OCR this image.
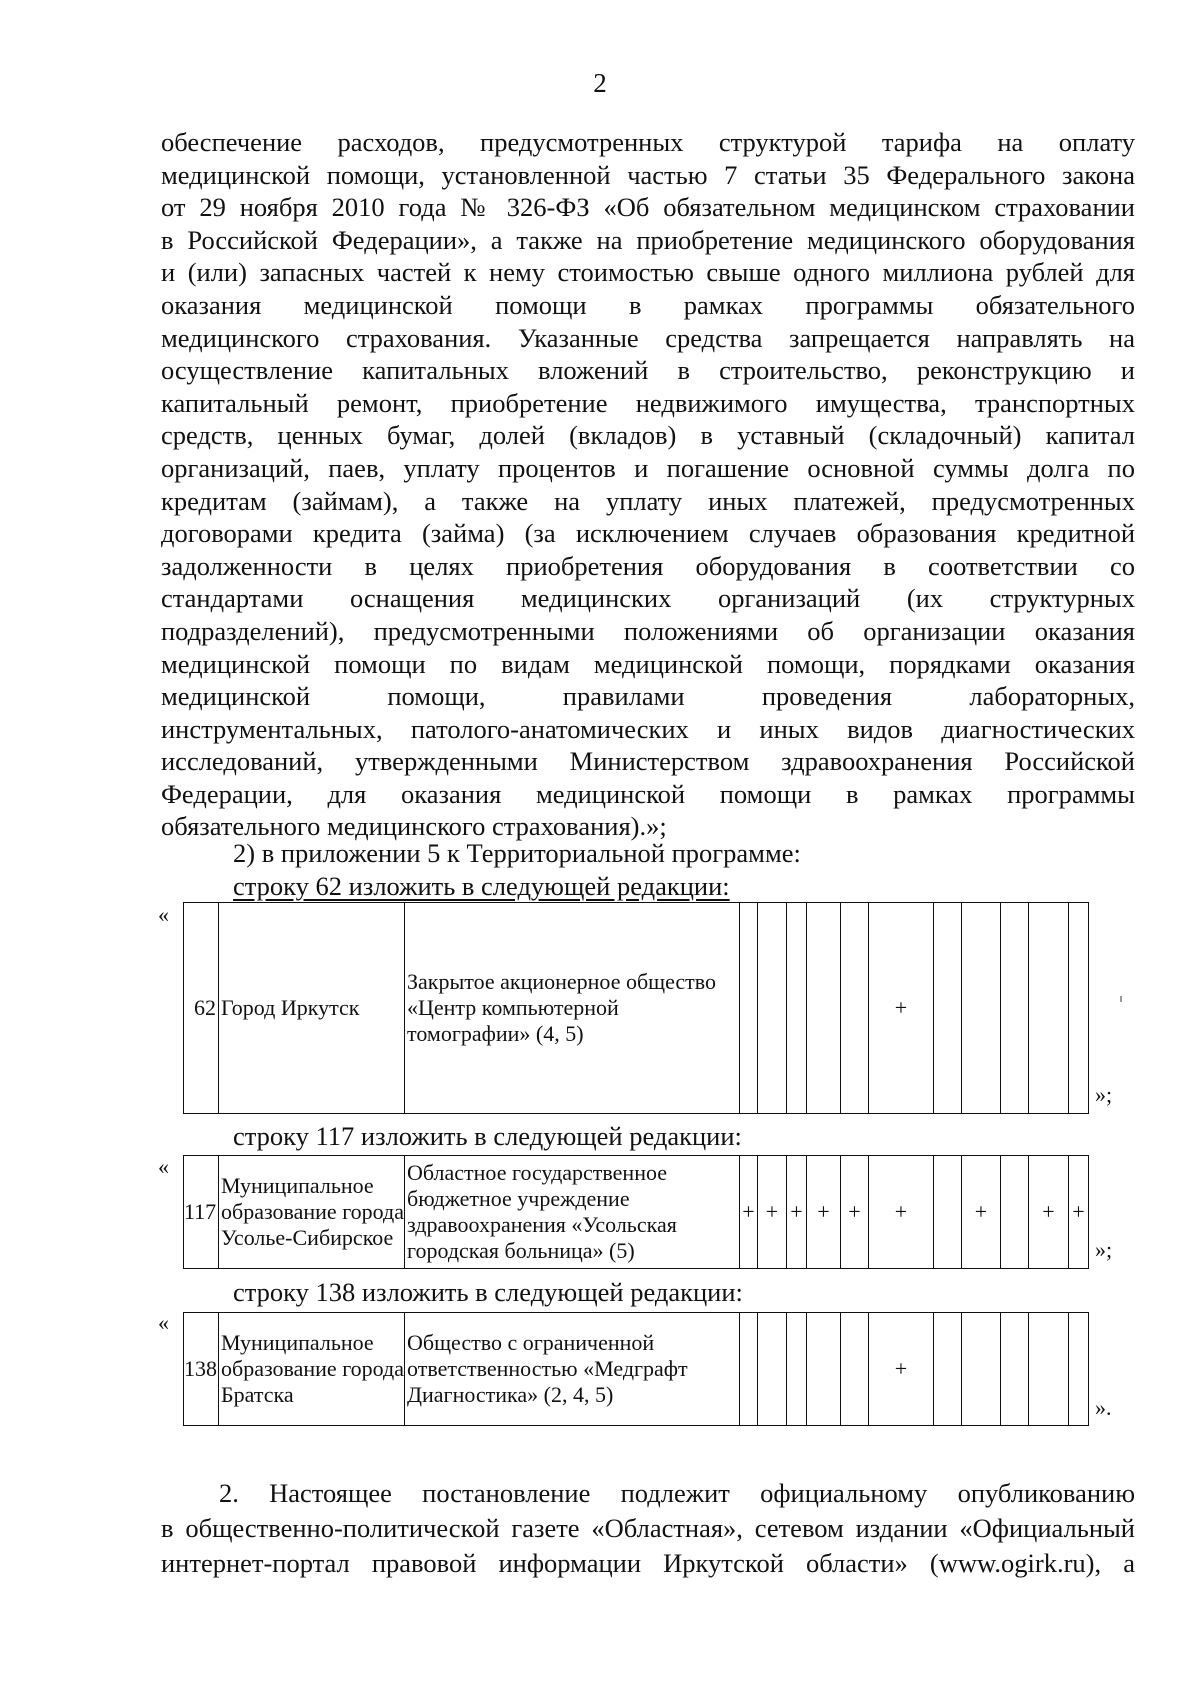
2
обеспечение расходов, предусмотренных структурой тарифа на оплату
медицинской помощи, установленной частью 7 статьи 35 Федерального закона
от 29 ноября 2010 года № 326-ФЗ «Об обязательном медицинском страховании
в Российской Федерации», а также на приобретение медицинского оборудования
и (или) запасных частей к нему стоимостью свыше одного миллиона рублей для
оказания медицинской помощи в рамках программы обязательного
медицинского страхования. Указанные средства запрещается направлять на
осуществление капитальных вложений в строительство, реконструкцию и
капитальный ремонт, приобретение недвижимого имущества, транспортных
средств, ценных бумаг, долей (вкладов) в уставный (складочный) капитал
организаций, паев, уплату процентов и погашение основной суммы долга по
кредитам (займам), а также на уплату иных платежей, предусмотренных
договорами кредита (займа) (за исключением случаев образования кредитной
задолженности в целях приобретения оборудования в соответствии со
стандартами оснащения медицинских организаций (их структурных
подразделений), предусмотренными положениями об организации оказания
медицинской помощи по видам медицинской помощи, порядками оказания
медицинской помощи, правилами проведения лабораторных,
инструментальных, патолого-анатомических и иных видов диагностических
исследований, утвержденными Министерством здравоохранения Российской
Федерации, для оказания медицинской помощи в рамках программы
обязательного медицинского страхования).»;
2) в приложении 5 к Территориальной программе:
строку 62 изложить в следующей редакции:
«
62	Город Иркутск	Закрытое акционерное общество «Центр компьютерной томографии» (4, 5)						+					
»;
строку 117 изложить в следующей редакции:
«
117	Муниципальное образование города Усолье-Сибирское	Областное государственное бюджетное учреждение здравоохранения «Усольская городская больница» (5)	+	+	+	+	+	+		+		+	+
»;
строку 138 изложить в следующей редакции:
«
138	Муниципальное образование города Братска	Общество с ограниченной ответственностью «Медграфт Диагностика» (2, 4, 5)						+					
».
2. Настоящее постановление подлежит официальному опубликованию
в общественно-политической газете «Областная», сетевом издании «Официальный
интернет-портал правовой информации Иркутской области» (www.ogirk.ru), а
